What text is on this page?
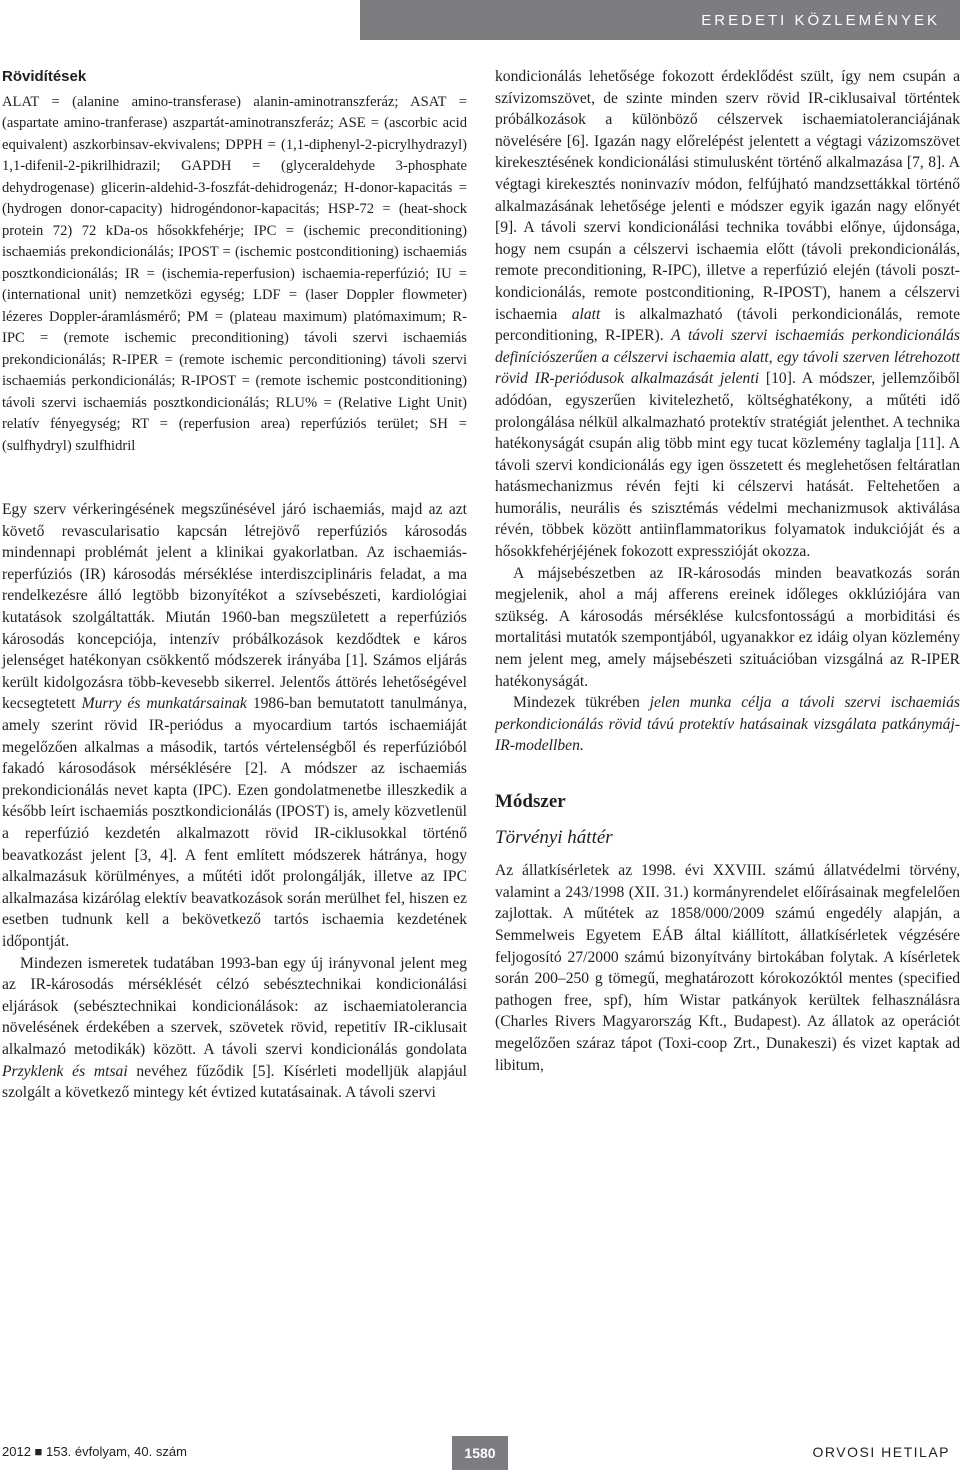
EREDETI KÖZLEMÉNYEK
Rövidítések

ALAT = (alanine amino-transferase) alanin-aminotranszferáz; ASAT = (aspartate amino-tranferase) aszpartát-aminotranszferáz; ASE = (ascorbic acid equivalent) aszkorbinsav-ekvivalens; DPPH = (1,1-diphenyl-2-picrylhydrazyl) 1,1-difenil-2-pikrilhidrazil; GAPDH = (glyceraldehyde 3-phosphate dehydrogenase) glicerin-aldehid-3-foszfát-dehidrogenáz; H-donor-kapacitás = (hydrogen donor-capacity) hidrogéndonor-kapacitás; HSP-72 = (heat-shock protein 72) 72 kDa-os hősokkfehérje; IPC = (ischemic preconditioning) ischaemiás prekondicionálás; IPOST = (ischemic postconditioning) ischaemiás posztkondicionálás; IR = (ischemia-reperfusion) ischaemia-reperfúzió; IU = (international unit) nemzetközi egység; LDF = (laser Doppler flowmeter) lézeres Doppler-áramlásmérő; PM = (plateau maximum) platómaximum; R-IPC = (remote ischemic preconditioning) távoli szervi ischaemiás prekondicionálás; R-IPER = (remote ischemic perconditioning) távoli szervi ischaemiás perkondicionálás; R-IPOST = (remote ischemic postconditioning) távoli szervi ischaemiás posztkondicionálás; RLU% = (Relative Light Unit) relatív fényegység; RT = (reperfusion area) reperfúziós terület; SH = (sulfhydryl) szulfhidril

Egy szerv vérkeringésének megszűnésével járó ischaemiás, majd az azt követő revascularisatio kapcsán létrejövő reperfúziós károsodás mindennapi problémát jelent a klinikai gyakorlatban. Az ischaemiás-reperfúziós (IR) károsodás mérséklése interdiszciplináris feladat, a ma rendelkezésre álló legtöbb bizonyítékot a szívsebészeti, kardiológiai kutatások szolgáltatták. Miután 1960-ban megszületett a reperfúziós károsodás koncepciója, intenzív próbálkozások kezdődtek e káros jelenséget hatékonyan csökkentő módszerek irányába [1]. Számos eljárás került kidolgozásra több-kevesebb sikerrel. Jelentős áttörés lehetőségével kecsegtetett Murry és munkatársainak 1986-ban bemutatott tanulmánya, amely szerint rövid IR-periódus a myocardium tartós ischaemiáját megelőzően alkalmas a második, tartós vértelenségből és reperfúzióból fakadó károsodások mérséklésére [2]. A módszer az ischaemiás prekondicionálás nevet kapta (IPC). Ezen gondolatmenetbe illeszkedik a később leírt ischaemiás posztkondicionálás (IPOST) is, amely közvetlenül a reperfúzió kezdetén alkalmazott rövid IR-ciklusokkal történő beavatkozást jelent [3, 4]. A fent említett módszerek hátránya, hogy alkalmazásuk körülményes, a műtéti időt prolongálják, illetve az IPC alkalmazása kizárólag elektív beavatkozások során merülhet fel, hiszen ez esetben tudnunk kell a bekövetkező tartós ischaemia kezdetének időpontját.

Mindezen ismeretek tudatában 1993-ban egy új irányvonal jelent meg az IR-károsodás mérséklését célzó sebésztechnikai kondicionálási eljárások (sebésztechnikai kondicionálások: az ischaemiatolerancia növelésének érdekében a szervek, szövetek rövid, repetitív IR-ciklusait alkalmazó metodikák) között. A távoli szervi kondicionálás gondolata Przyklenk és mtsai nevéhez fűződik [5]. Kísérleti modelljük alapjául szolgált a következő mintegy két évtized kutatásainak. A távoli szervi

kondicionálás lehetősége fokozott érdeklődést szült, így nem csupán a szívizomszövet, de szinte minden szerv rövid IR-ciklusaival történtek próbálkozások a különböző célszervek ischaemiatoleranciájának növelésére [6]. Igazán nagy előrelépést jelentett a végtagi vázizomszövet kirekesztésének kondicionálási stimulusként történő alkalmazása [7, 8]. A végtagi kirekesztés noninvazív módon, felfújható mandzsettákkal történő alkalmazásának lehetősége jelenti e módszer egyik igazán nagy előnyét [9]. A távoli szervi kondicionálási technika további előnye, újdonsága, hogy nem csupán a célszervi ischaemia előtt (távoli prekondicionálás, remote preconditioning, R-IPC), illetve a reperfúzió elején (távoli posztkondicionálás, remote postconditioning, R-IPOST), hanem a célszervi ischaemia alatt is alkalmazható (távoli perkondicionálás, remote perconditioning, R-IPER). A távoli szervi ischaemiás perkondicionálás definíciószerűen a célszervi ischaemia alatt, egy távoli szerven létrehozott rövid IR-periódusok alkalmazását jelenti [10]. A módszer, jellemzőiből adódóan, egyszerűen kivitelezhető, költséghatékony, a műtéti idő prolongálása nélkül alkalmazható protektív stratégiát jelenthet. A technika hatékonyságát csupán alig több mint egy tucat közlemény taglalja [11]. A távoli szervi kondicionálás egy igen összetett és meglehetősen feltáratlan hatásmechanizmus révén fejti ki célszervi hatását. Feltehetően a humorális, neurális és szisztémás védelmi mechanizmusok aktiválása révén, többek között antiinflammatorikus folyamatok indukcióját és a hősokkfehérjéjének fokozott expresszióját okozza.

A májsebészetben az IR-károsodás minden beavatkozás során megjelenik, ahol a máj afferens ereinek időleges okklúziójára van szükség. A károsodás mérséklése kulcsfontosságú a morbiditási és mortalitási mutatók szempontjából, ugyanakkor ez idáig olyan közlemény nem jelent meg, amely májsebészeti szituációban vizsgálná az R-IPER hatékonyságát.

Mindezek tükrében jelen munka célja a távoli szervi ischaemiás perkondicionálás rövid távú protektív hatásainak vizsgálata patkánymáj-IR-modellben.

Módszer
Törvényi háttér

Az állatkísérletek az 1998. évi XXVIII. számú állatvédelmi törvény, valamint a 243/1998 (XII. 31.) kormányrendelet előírásainak megfelelően zajlottak. A műtétek az 1858/000/2009 számú engedély alapján, a Semmelweis Egyetem EÁB által kiállított, állatkísérletek végzésére feljogosító 27/2000 számú bizonyítvány birtokában folytak. A kísérletek során 200–250 g tömegű, meghatározott kórokozóktól mentes (specified pathogen free, spf), hím Wistar patkányok kerültek felhasználásra (Charles Rivers Magyarország Kft., Budapest). Az állatok az operációt megelőzően száraz tápot (Toxi-coop Zrt., Dunakeszi) és vizet kaptak ad libitum,

2012 ■ 153. évfolyam, 40. szám	1580	ORVOSI HETILAP
